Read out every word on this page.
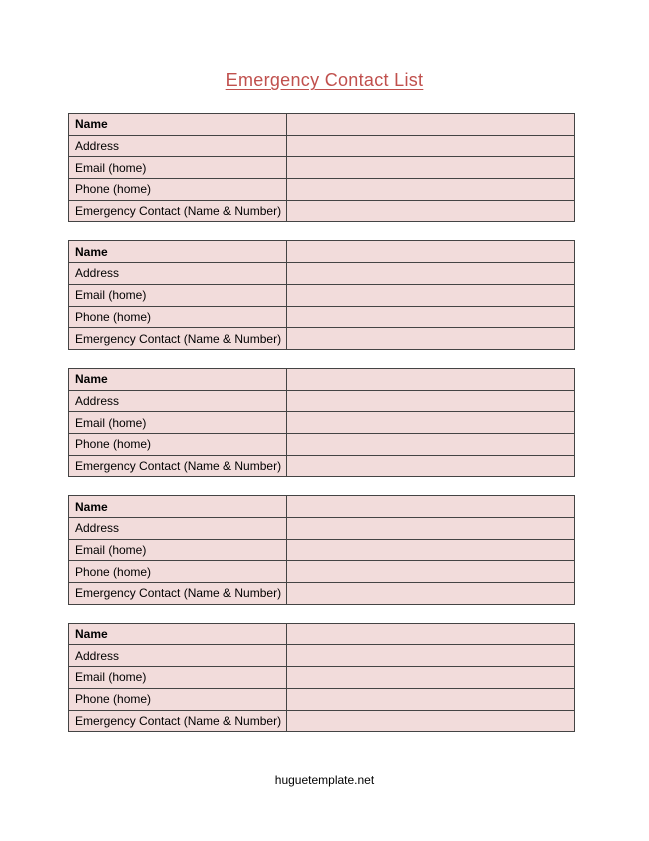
Emergency Contact List
Name	
Address	
Email (home)	
Phone (home)	
Emergency Contact (Name & Number)	
Name	
Address	
Email (home)	
Phone (home)	
Emergency Contact (Name & Number)	
Name	
Address	
Email (home)	
Phone (home)	
Emergency Contact (Name & Number)	
Name	
Address	
Email (home)	
Phone (home)	
Emergency Contact (Name & Number)	
Name	
Address	
Email (home)	
Phone (home)	
Emergency Contact (Name & Number)	
huguetemplate.net
